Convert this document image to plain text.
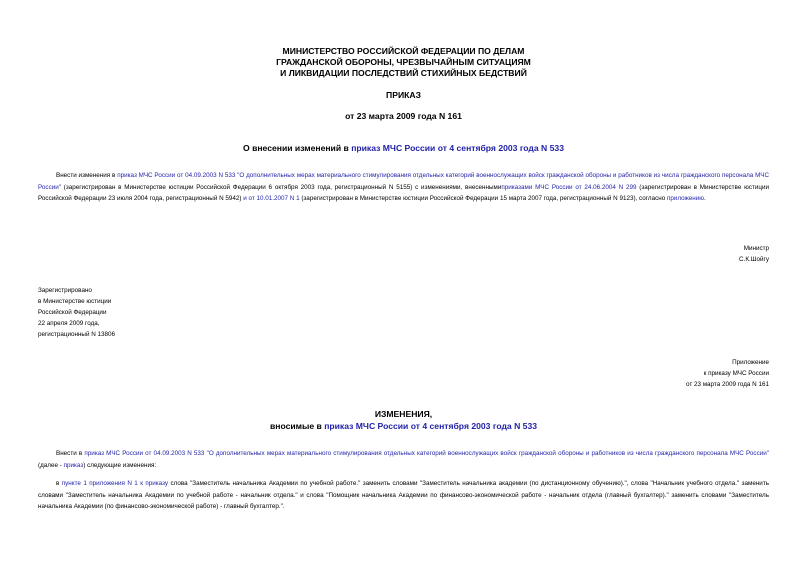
МИНИСТЕРСТВО РОССИЙСКОЙ ФЕДЕРАЦИИ ПО ДЕЛАМ
ГРАЖДАНСКОЙ ОБОРОНЫ, ЧРЕЗВЫЧАЙНЫМ СИТУАЦИЯМ
И ЛИКВИДАЦИИ ПОСЛЕДСТВИЙ СТИХИЙНЫХ БЕДСТВИЙ
ПРИКАЗ
от 23 марта 2009 года N 161
О внесении изменений в приказ МЧС России от 4 сентября 2003 года N 533
Внести изменения в приказ МЧС России от 04.09.2003 N 533 "О дополнительных мерах материального стимулирования отдельных категорий военнослужащих войск гражданской обороны и работников из числа гражданского персонала МЧС России" (зарегистрирован в Министерстве юстиции Российской Федерации 6 октября 2003 года, регистрационный N 5155) с изменениями, внесеннымиприказами МЧС России от 24.06.2004 N 299 (зарегистрирован в Министерстве юстиции Российской Федерации 23 июля 2004 года, регистрационный N 5942) и от 10.01.2007 N 1 (зарегистрирован в Министерстве юстиции Российской Федерации 15 марта 2007 года, регистрационный N 9123), согласно приложению.
Министр
С.К.Шойгу
Зарегистрировано
в Министерстве юстиции
Российской Федерации
22 апреля 2009 года,
регистрационный N 13806
Приложение
к приказу МЧС России
от 23 марта 2009 года N 161
ИЗМЕНЕНИЯ,
вносимые в приказ МЧС России от 4 сентября 2003 года N 533
Внести в приказ МЧС России от 04.09.2003 N 533 "О дополнительных мерах материального стимулирования отдельных категорий военнослужащих войск гражданской обороны и работников из числа гражданского персонала МЧС России" (далее - приказ) следующие изменения:
в пункте 1 приложения N 1 к приказу слова "Заместитель начальника Академии по учебной работе." заменить словами "Заместитель начальника академии (по дистанционному обучению).", слова "Начальник учебного отдела." заменить словами "Заместитель начальника Академии по учебной работе - начальник отдела." и слова "Помощник начальника Академии по финансово-экономической работе - начальник отдела (главный бухгалтер)." заменить словами "Заместитель начальника Академии (по финансово-экономической работе) - главный бухгалтер.".
